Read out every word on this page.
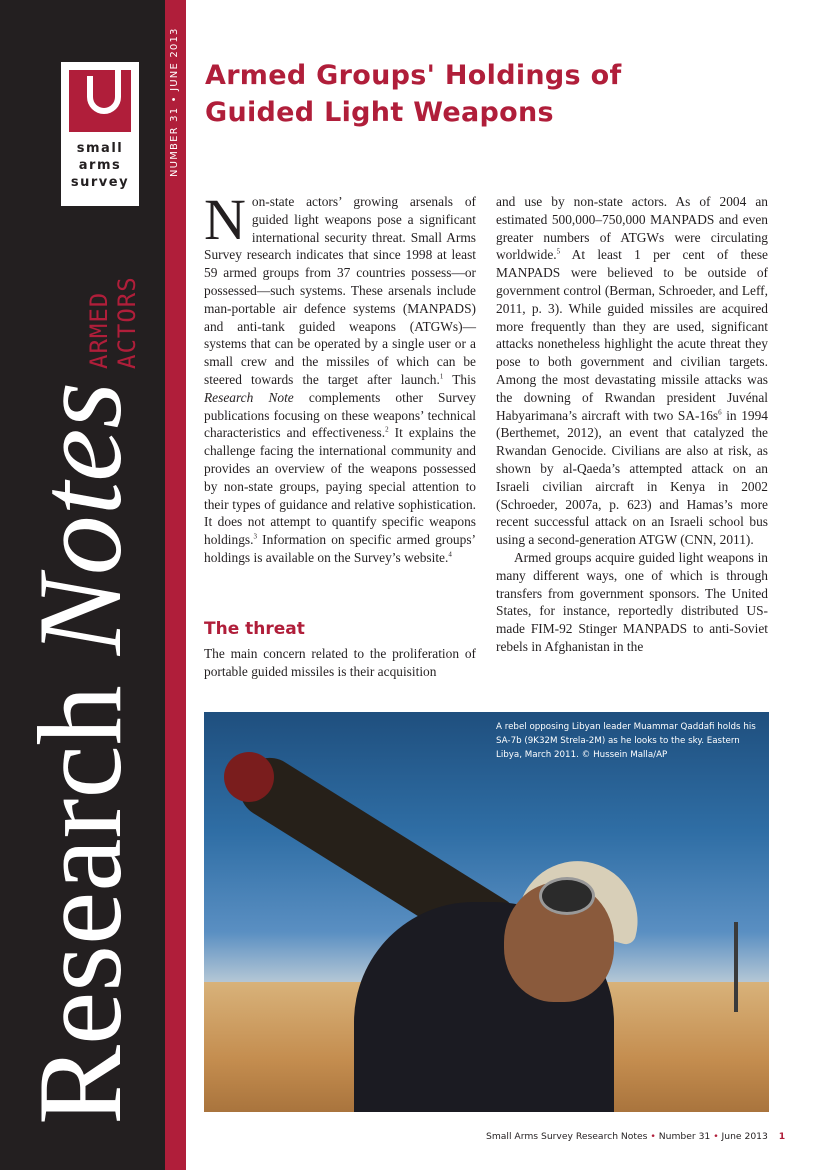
small
arms
survey
Research Notes
ARMED ACTORS
NUMBER 31 • JUNE 2013 Armed Groups' Holdings of
Guided Light Weapons

Non-state actors’ growing arsenals of guided light weapons pose a significant international security threat. Small Arms Survey research indicates that since 1998 at least 59 armed groups from 37 countries possess—or possessed—such systems. These arsenals include man-portable air defence systems (MANPADS) and anti-tank guided weapons (ATGWs)—systems that can be operated by a single user or a small crew and the missiles of which can be steered towards the target after launch.$^1$ This Research Note complements other Survey publications focusing on these weapons’ technical characteristics and effectiveness.$^2$ It explains the challenge facing the international community and provides an overview of the weapons possessed by non-state groups, paying special attention to their types of guidance and relative sophistication. It does not attempt to quantify specific weapons holdings.$^3$ Information on specific armed groups’ holdings is available on the Survey’s website.$^4$

The threat
The main concern related to the proliferation of portable guided missiles is their acquisition

and use by non-state actors. As of 2004 an estimated 500,000–750,000 MANPADS and even greater numbers of ATGWs were circulating worldwide.$^5$ At least 1 per cent of these MANPADS were believed to be outside of government control (Berman, Schroeder, and Leff, 2011, p. 3). While guided missiles are acquired more frequently than they are used, significant attacks nonetheless highlight the acute threat they pose to both government and civilian targets. Among the most devastating missile attacks was the downing of Rwandan president Juvénal Habyarimana’s aircraft with two $SA-16s^6$ in 1994 (Berthemet, 2012), an event that catalyzed the Rwandan Genocide. Civilians are also at risk, as shown by al-Qaeda’s attempted attack on an Israeli civilian aircraft in Kenya in 2002 (Schroeder, 2007a, p. 623) and Hamas’s more recent successful attack on an Israeli school bus using a second-generation ATGW (CNN, 2011).

Armed groups acquire guided light weapons in many different ways, one of which is through transfers from government sponsors. The United States, for instance, reportedly distributed US-made FIM-92 Stinger MANPADS to anti-Soviet rebels in Afghanistan in the

A rebel opposing Libyan leader Muammar Qaddafi holds his SA-7b (9K32M Strela-2M) as he looks to the sky. Eastern Libya, March 2011. © Hussein Malla/AP
Small Arms Survey Research Notes • Number 31 • June 2013 1
